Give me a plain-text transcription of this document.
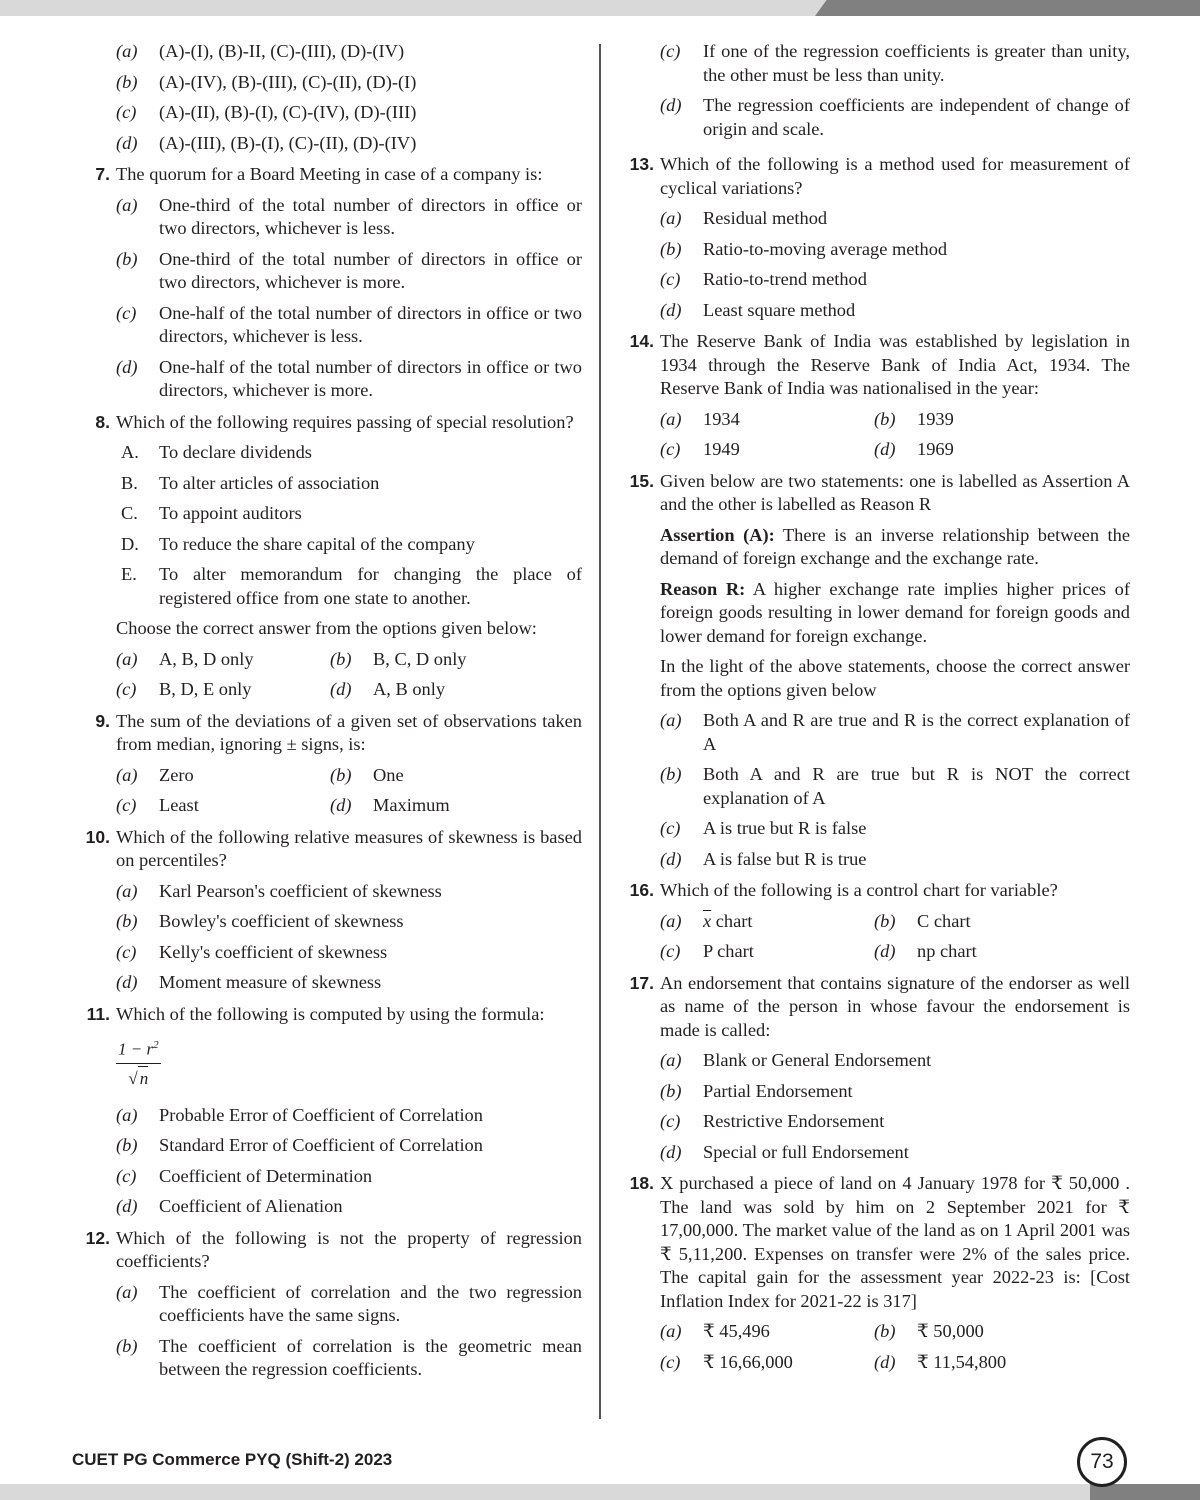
(a)	(A)-(I), (B)-II, (C)-(III), (D)-(IV)
(b)	(A)-(IV), (B)-(III), (C)-(II), (D)-(I)
(c)	(A)-(II), (B)-(I), (C)-(IV), (D)-(III)
(d)	(A)-(III), (B)-(I), (C)-(II), (D)-(IV)
7. The quorum for a Board Meeting in case of a company is:
(a)	One-third of the total number of directors in office or two directors, whichever is less.
(b)	One-third of the total number of directors in office or two directors, whichever is more.
(c)	One-half of the total number of directors in office or two directors, whichever is less.
(d)	One-half of the total number of directors in office or two directors, whichever is more.
8. Which of the following requires passing of special resolution?
A.	To declare dividends
B.	To alter articles of association
C.	To appoint auditors
D.	To reduce the share capital of the company
E.	To alter memorandum for changing the place of registered office from one state to another.
Choose the correct answer from the options given below:
(a)	A, B, D only	(b)	B, C, D only
(c)	B, D, E only	(d)	A, B only
9. The sum of the deviations of a given set of observations taken from median, ignoring ± signs, is:
(a)	Zero	(b)	One
(c)	Least	(d)	Maximum
10. Which of the following relative measures of skewness is based on percentiles?
(a)	Karl Pearson's coefficient of skewness
(b)	Bowley's coefficient of skewness
(c)	Kelly's coefficient of skewness
(d)	Moment measure of skewness
11. Which of the following is computed by using the formula:
$\frac{1 - r^2}{√ n}$
(a)	Probable Error of Coefficient of Correlation
(b)	Standard Error of Coefficient of Correlation
(c)	Coefficient of Determination
(d)	Coefficient of Alienation
12. Which of the following is not the property of regression coefficients?
(a)	The coefficient of correlation and the two regression coefficients have the same signs.
(b)	The coefficient of correlation is the geometric mean between the regression coefficients.
(c)	If one of the regression coefficients is greater than unity, the other must be less than unity.
(d)	The regression coefficients are independent of change of origin and scale.
13. Which of the following is a method used for measurement of cyclical variations?
(a)	Residual method
(b)	Ratio-to-moving average method
(c)	Ratio-to-trend method
(d)	Least square method
14. The Reserve Bank of India was established by legislation in 1934 through the Reserve Bank of India Act, 1934. The Reserve Bank of India was nationalised in the year:
(a)	1934	(b)	1939
(c)	1949	(d)	1969
15. Given below are two statements: one is labelled as Assertion A and the other is labelled as Reason R
Assertion (A): There is an inverse relationship between the demand of foreign exchange and the exchange rate.
Reason R: A higher exchange rate implies higher prices of foreign goods resulting in lower demand for foreign goods and lower demand for foreign exchange.
In the light of the above statements, choose the correct answer from the options given below
(a)	Both A and R are true and R is the correct explanation of A
(b)	Both A and R are true but R is NOT the correct explanation of A
(c)	A is true but R is false
(d)	A is false but R is true
16. Which of the following is a control chart for variable?
(a)	$\overline{x}$ chart	(b)	C chart
(c)	P chart	(d)	np chart
17. An endorsement that contains signature of the endorser as well as name of the person in whose favour the endorsement is made is called:
(a)	Blank or General Endorsement
(b)	Partial Endorsement
(c)	Restrictive Endorsement
(d)	Special or full Endorsement
18. X purchased a piece of land on 4 January 1978 for ₹ 50,000 . The land was sold by him on 2 September 2021 for ₹ 17,00,000. The market value of the land as on 1 April 2001 was ₹ 5,11,200. Expenses on transfer were 2% of the sales price. The capital gain for the assessment year 2022-23 is: [Cost Inflation Index for 2021-22 is 317]
(a)	₹ 45,496	(b)	₹ 50,000
(c)	₹ 16,66,000	(d)	₹ 11,54,800
CUET PG Commerce PYQ (Shift-2) 2023	73
